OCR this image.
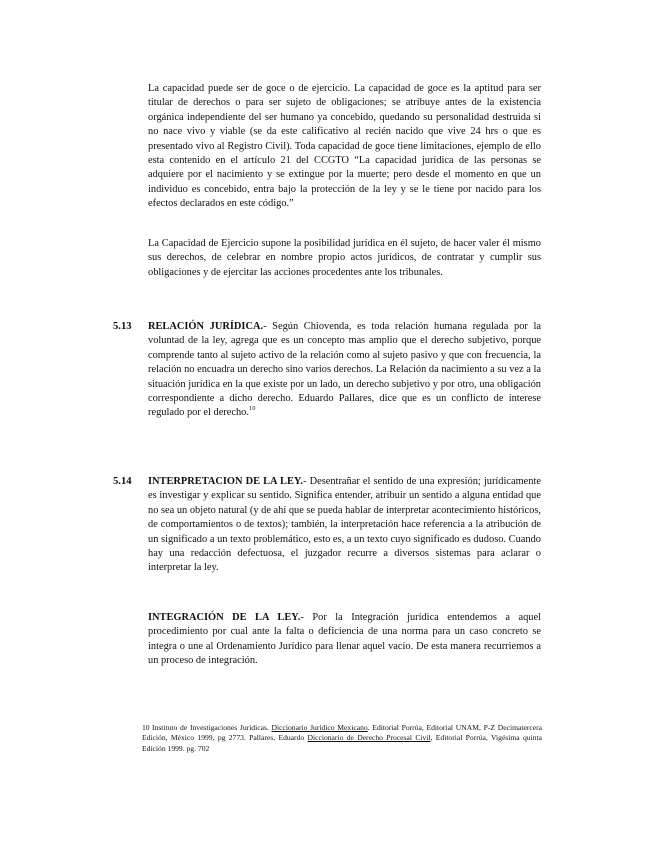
La capacidad puede ser de goce o de ejercicio. La capacidad de goce es la aptitud para ser titular de derechos o para ser sujeto de obligaciones; se atribuye antes de la existencia orgánica independiente del ser humano ya concebido, quedando su personalidad destruida si no nace vivo y viable (se da este calificativo al recién nacido que vive 24 hrs o que es presentado vivo al Registro Civil). Toda capacidad de goce tiene limitaciones, ejemplo de ello esta contenido en el artículo 21 del CCGTO “La capacidad jurídica de las personas se adquiere por el nacimiento y se extingue por la muerte; pero desde el momento en que un individuo es concebido, entra bajo la protección de la ley y se le tiene por nacido para los efectos declarados en este código.”

La Capacidad de Ejercicio supone la posibilidad jurídica en él sujeto, de hacer valer él mismo sus derechos, de celebrar en nombre propio actos jurídicos, de contratar y cumplir sus obligaciones y de ejercitar las acciones procedentes ante los tribunales.

5.13 RELACIÓN JURÍDICA.- Según Chiovenda, es toda relación humana regulada por la voluntad de la ley, agrega que es un concepto mas amplio que el derecho subjetivo, porque comprende tanto al sujeto activo de la relación como al sujeto pasivo y que con frecuencia, la relación no encuadra un derecho sino varios derechos. La Relación da nacimiento a su vez a la situación jurídica en la que existe por un lado, un derecho subjetivo y por otro, una obligación correspondiente a dicho derecho. Eduardo Pallares, dice que es un conflicto de interese regulado por el derecho.$^{10}$

5.14 INTERPRETACION DE LA LEY.- Desentrañar el sentido de una expresión; jurídicamente es investigar y explicar su sentido. Significa entender, atribuir un sentido a alguna entidad que no sea un objeto natural (y de ahí que se pueda hablar de interpretar acontecimiento históricos, de comportamientos o de textos); también, la interpretación hace referencia a la atribución de un significado a un texto problemático, esto es, a un texto cuyo significado es dudoso. Cuando hay una redacción defectuosa, el juzgador recurre a diversos sistemas para aclarar o interpretar la ley.

INTEGRACIÓN DE LA LEY.- Por la Integración jurídica entendemos a aquel procedimiento por cual ante la falta o deficiencia de una norma para un caso concreto se integra o une al Ordenamiento Jurídico para llenar aquel vacío. De esta manera recurriemos a un proceso de integración.

10 Instituto de Investigaciones Jurídicas. Diccionario Jurídico Mexicano. Editorial Porrúa, Editorial UNAM, P-Z Decimatercera Edición, México 1999, pg 2773. Pallares, Eduardo Diccionario de Derecho Procesal Civil, Editorial Porrúa, Vigésima quinta Edición 1999. pg. 702
